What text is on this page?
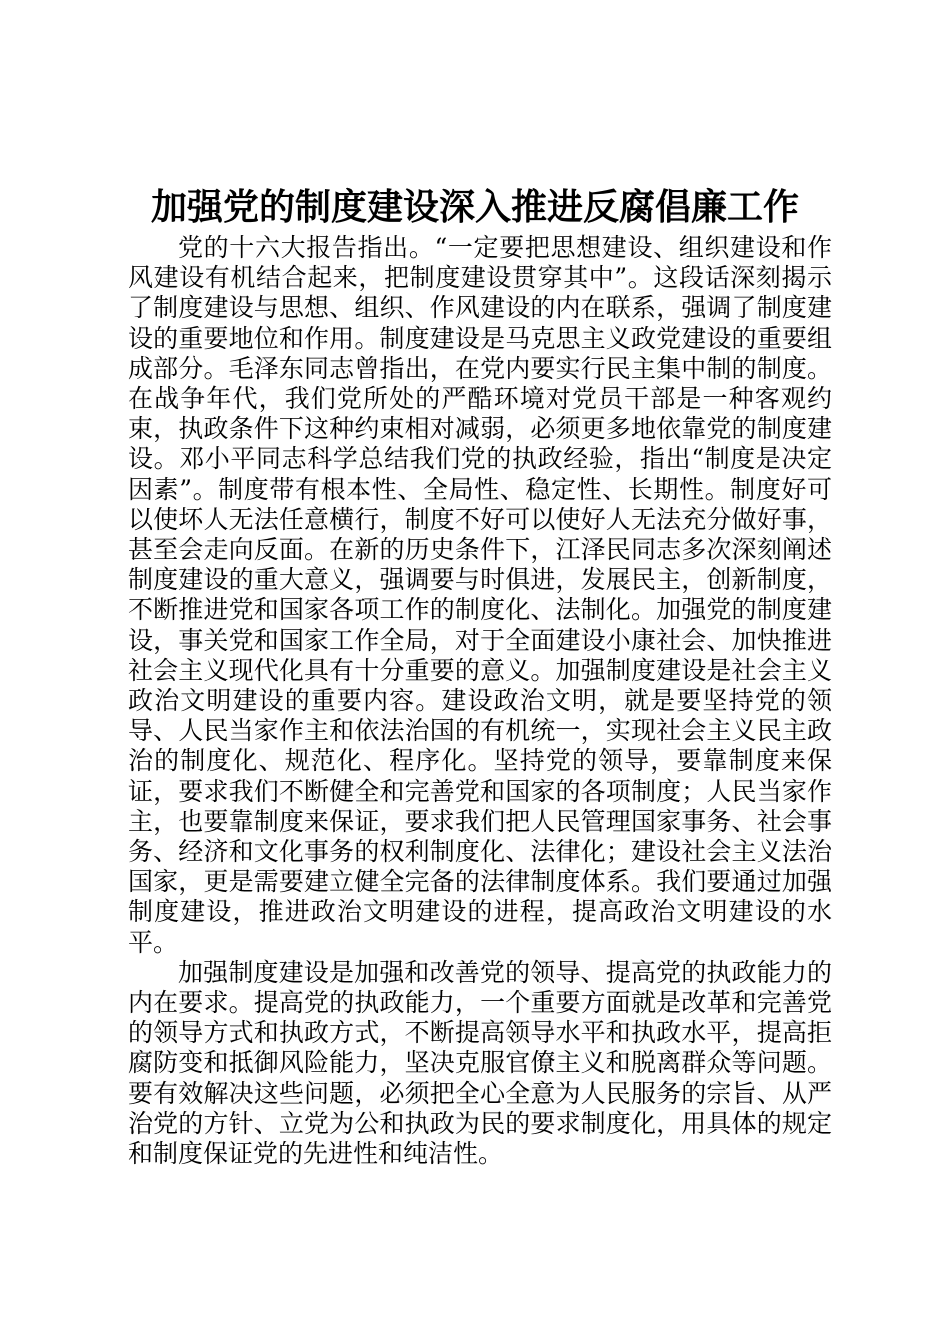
加强党的制度建设深入推进反腐倡廉工作

党的十六大报告指出。“一定要把思想建设、组织建设和作风建设有机结合起来，把制度建设贯穿其中”。这段话深刻揭示了制度建设与思想、组织、作风建设的内在联系，强调了制度建设的重要地位和作用。制度建设是马克思主义政党建设的重要组成部分。毛泽东同志曾指出，在党内要实行民主集中制的制度。在战争年代，我们党所处的严酷环境对党员干部是一种客观约束，执政条件下这种约束相对减弱，必须更多地依靠党的制度建设。邓小平同志科学总结我们党的执政经验，指出“制度是决定因素”。制度带有根本性、全局性、稳定性、长期性。制度好可以使坏人无法任意横行，制度不好可以使好人无法充分做好事，甚至会走向反面。在新的历史条件下，江泽民同志多次深刻阐述制度建设的重大意义，强调要与时俱进，发展民主，创新制度，不断推进党和国家各项工作的制度化、法制化。加强党的制度建设，事关党和国家工作全局，对于全面建设小康社会、加快推进社会主义现代化具有十分重要的意义。加强制度建设是社会主义政治文明建设的重要内容。建设政治文明，就是要坚持党的领导、人民当家作主和依法治国的有机统一，实现社会主义民主政治的制度化、规范化、程序化。坚持党的领导，要靠制度来保证，要求我们不断健全和完善党和国家的各项制度；人民当家作主，也要靠制度来保证，要求我们把人民管理国家事务、社会事务、经济和文化事务的权利制度化、法律化；建设社会主义法治国家，更是需要建立健全完备的法律制度体系。我们要通过加强制度建设，推进政治文明建设的进程，提高政治文明建设的水平。

加强制度建设是加强和改善党的领导、提高党的执政能力的内在要求。提高党的执政能力，一个重要方面就是改革和完善党的领导方式和执政方式，不断提高领导水平和执政水平，提高拒腐防变和抵御风险能力，坚决克服官僚主义和脱离群众等问题。要有效解决这些问题，必须把全心全意为人民服务的宗旨、从严治党的方针、立党为公和执政为民的要求制度化，用具体的规定和制度保证党的先进性和纯洁性。
